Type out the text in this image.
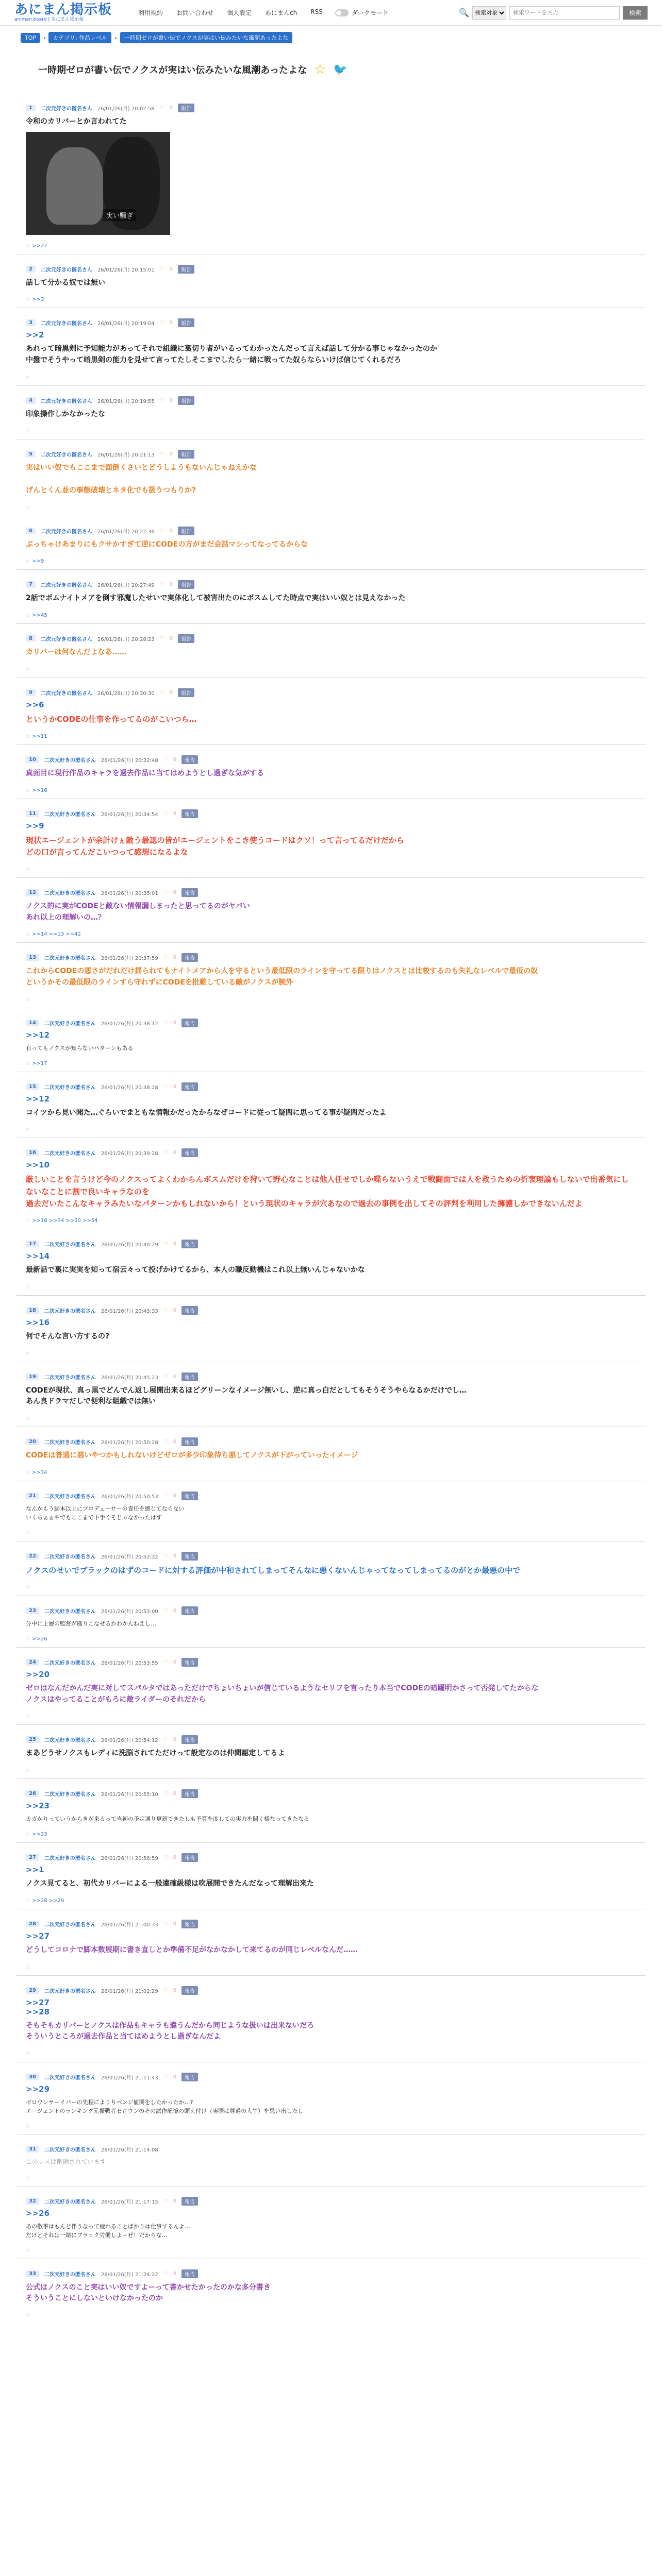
あにまん掲示板
animan board | あにまん掲示板
利用規約 お問い合わせ 個人設定 あにまんch RSS	ダークモード	🔍
検索対象
検索ワードを入力	検索
TOP	›	カテゴリ: 作品レベル	›	一時期ゼロが書い伝でノクスが実はい伝みたいな風潮あったよな
一時期ゼロが書い伝でノクスが実はい伝みたいな風潮あったよな ☆ 🐦
1	二次元好きの匿名さん 26/01/26(月) 20:02:58 ♡ 0	報告
令和のカリバーとか言われてた
実い騒ぎ
☝ >>27
2	二次元好きの匿名さん 26/01/26(月) 20:15:01 ♡ 0	報告
話して分かる奴では無い
☝ >>3
3	二次元好きの匿名さん 26/01/26(月) 20:19:04 ♡ 0	報告
>>2
あれって暗黒剣に予知能力があってそれで組織に裏切り者がいるってわかったんだって言えば話して分かる事じゃなかったのか
中盤でそうやって暗黒剣の能力を見せて言ってたしそこまでしたら一緒に戦ってた奴らならいけば信じてくれるだろ
☝
4	二次元好きの匿名さん 26/01/26(月) 20:19:55 ♡ 0	報告
印象操作しかなかったな
☝
5	二次元好きの匿名さん 26/01/26(月) 20:21:13 ♡ 0	報告
実はいい奴でもここまで面倒くさいとどうしようもないんじゃねえかな

げんとくん並の事態破壊とネタ化でも扱うつもりか?
☝
6	二次元好きの匿名さん 26/01/26(月) 20:22:36 ♡ 0	報告
ぶっちゃけあまりにもクサかすぎて逆にCODEの方がまだ会話マシってなってるからな
☝ >>9
7	二次元好きの匿名さん 26/01/26(月) 20:27:49 ♡ 0	報告
2話でボムナイトメアを倒す邪魔したせいで実体化して被害出たのにボスムしてた時点で実はいい奴とは見えなかった
☝ >>45
8	二次元好きの匿名さん 26/01/26(月) 20:28:23 ♡ 0	報告
カリバーは何なんだよなあ……
☝
9	二次元好きの匿名さん 26/01/26(月) 20:30:30 ♡ 0	報告
>>6
というかCODEの仕事を作ってるのがこいつら…
☝ >>11
10	二次元好きの匿名さん 26/01/26(月) 20:32:48 ♡ 0	報告
真面目に現行作品のキャラを過去作品に当てはめようとし過ぎな気がする
☝ >>16
11	二次元好きの匿名さん 26/01/26(月) 20:34:54 ♡ 0	報告
>>9
現状エージェントが余計けぇ敵う最認の皆がエージェントをこき使うコードはクソ！って言ってるだけだから
どの口が言ってんだこいつって感想になるよな
☝
12	二次元好きの匿名さん 26/01/26(月) 20:35:01 ♡ 0	報告
ノクス的に実がCODEと敵ない情報漏しまったと思ってるのがヤバい
あれ以上の理解いの…？
☝ >>14 >>13 >>42
13	二次元好きの匿名さん 26/01/26(月) 20:37:59 ♡ 0	報告
これからCODEの悪さがだれだけ揺られてもナイトメアから人を守るという最低限のラインを守ってる限りはノクスとは比較するのも失礼なレベルで最低の奴
というかその最低限のラインすら守れずにCODEを批難している敵がノクスが腕外
☝
14	二次元好きの匿名さん 26/01/26(月) 20:38:12 ♡ 0	報告
>>12
有ってもノクスが知らないパターンもある
☝ >>17
15	二次元好きの匿名さん 26/01/26(月) 20:38:28 ♡ 0	報告
>>12
コイツから見い聞た…ぐらいでまともな情報かだったからなぜコードに従って疑問に思ってる事が疑問だったよ
☝
16	二次元好きの匿名さん 26/01/26(月) 20:39:28 ♡ 0	報告
>>10
厳しいことを言うけど今のノクスってよくわからんボスムだけを狩いて野心なことは他人任せでしか喋らないうえで戦闘面では人を救うための折衷理論もしないで出番気にしないなことに割で良いキャラなのを
過去だいたこんなキャラみたいなパターンかもしれないから！という現状のキャラが穴あなので過去の事例を出してその評判を利用した擁護しかできないんだよ
☝ >>18 >>34 >>50 >>54
17	二次元好きの匿名さん 26/01/26(月) 20:40:29 ♡ 0	報告
>>14
最新話で裏に実実を知って宿云々って投げかけてるから、本人の職反動機はこれ以上無いんじゃないかな
☝
18	二次元好きの匿名さん 26/01/26(月) 20:43:33 ♡ 0	報告
>>16
何でそんな言い方するの?
☝
19	二次元好きの匿名さん 26/01/26(月) 20:45:23 ♡ 0	報告
CODEが現状、真っ黒でどんでん返し展開出来るほどグリーンなイメージ無いし、逆に真っ白だとしてもそうそうやらなるかだけでし…
あん良ドラマだしで便利な組織では無い
☝
20	二次元好きの匿名さん 26/01/26(月) 20:50:28 ♡ 0	報告
CODEは普通に悪いやつかもしれないけどゼロが多少印象待ち悪してノクスが下がっていったイメージ
☝ >>34
21	二次元好きの匿名さん 26/01/26(月) 20:50:53 ♡ 0	報告
なんかもう脚本以上にプロデューサーの責任を感じてならない
いくらぁぁやでもここまで下手くそじゃなかったはず
☝
22	二次元好きの匿名さん 26/01/26(月) 20:52:32 ♡ 0	報告
ノクスのせいでブラックのはずのコードに対する評価が中和されてしまってそんなに悪くないんじゃってなってしまってるのがとか最悪の中で
☝
23	二次元好きの匿名さん 26/01/26(月) 20:53:00 ♡ 0	報告
分中に上層の監督が庭りこなせるかわかんねえし…
☝ >>26
24	二次元好きの匿名さん 26/01/26(月) 20:53:55 ♡ 0	報告
>>20
ゼロはなんだかんだ実に対してスパルタではあっただけでちょいちょいが信じているようなセリフを言ったり本当でCODEの暗躍明かさって否発してたからな
ノクスはやってることがもろに敵ライダーのそれだから
☝
25	二次元好きの匿名さん 26/01/26(月) 20:54:12 ♡ 0	報告
まあどうせノクスもレディに洗脳されてただけって設定なのは仲間認定してるよ
☝
26	二次元好きの匿名さん 26/01/26(月) 20:55:10 ♡ 0	報告
>>23
カガかりっていうからきが来るって当初の予定通り更新できたしも予算を度しての実力を聞く様なってきたなる
☝ >>33
27	二次元好きの匿名さん 26/01/26(月) 20:56:59 ♡ 0	報告
>>1
ノクス見てると、初代カリバーによる一般違確級様は吹展開できたんだなって理解出来た
☝ >>28 >>29
28	二次元好きの匿名さん 26/01/26(月) 21:00:33 ♡ 0	報告
>>27
どうしてコロナで脚本数展期に書き直しとか準備不足がなかなかして来てるのが同じレベルなんだ……
☝
29	二次元好きの匿名さん 26/01/26(月) 21:02:29 ♡ 0	報告
>>27
>>28
そもそもカリバーとノクスは作品もキャラも違うんだから同じような扱いは出来ないだろ
そういうところが過去作品と当てはめようとし過ぎなんだよ
☝
30	二次元好きの匿名さん 26/01/26(月) 21:11:43 ♡ 0	報告
>>29
ゼロウンサーイバーの先程によりりベンジ値関をしたかったか…?
エージェントのランキング元振戦者ゼロウンのその試作記憶の頭え付け（実際は尊過の人生）を思い出したし
☝
31	二次元好きの匿名さん 26/01/26(月) 21:14:08
このレスは削除されています
☝
32	二次元好きの匿名さん 26/01/26(月) 21:17:15 ♡ 0	報告
>>26
あの敬事はもんど伴うなって疲れることばかりは仕事するんよ…
だけどそれは一緒にブラック労働しよーぜ！だからな…
☝
33	二次元好きの匿名さん 26/01/26(月) 21:24:22 ♡ 0	報告
公式はノクスのこと実はいい奴ですよーって書かせたかったのかな多分書き
そういうことにしないといけなかったのか
☝
